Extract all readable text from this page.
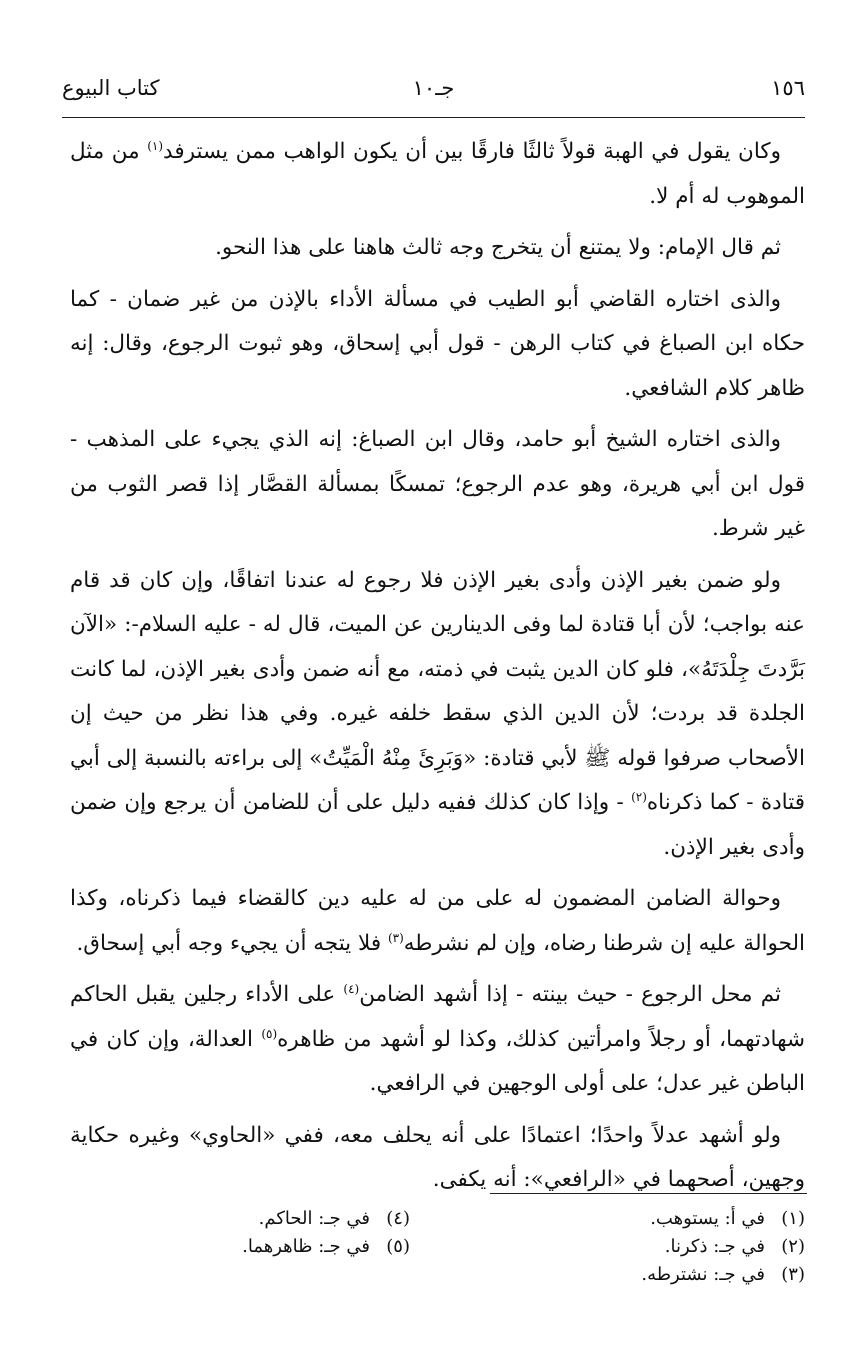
١٥٦
جـ١٠
كتاب البيوع

وكان يقول في الهبة قولاً ثالثًا فارقًا بين أن يكون الواهب ممن يسترفد$^{(١)}$ من مثل الموهوب له أم لا.

ثم قال الإمام: ولا يمتنع أن يتخرج وجه ثالث هاهنا على هذا النحو.

والذى اختاره القاضي أبو الطيب في مسألة الأداء بالإذن من غير ضمان - كما حكاه ابن الصباغ في كتاب الرهن - قول أبي إسحاق، وهو ثبوت الرجوع، وقال: إنه ظاهر كلام الشافعي.

والذى اختاره الشيخ أبو حامد، وقال ابن الصباغ: إنه الذي يجيء على المذهب - قول ابن أبي هريرة، وهو عدم الرجوع؛ تمسكًا بمسألة القصَّار إذا قصر الثوب من غير شرط.

ولو ضمن بغير الإذن وأدى بغير الإذن فلا رجوع له عندنا اتفاقًا، وإن كان قد قام عنه بواجب؛ لأن أبا قتادة لما وفى الدينارين عن الميت، قال له - عليه السلام-: «الآن بَرَّدتَ جِلْدَتَهُ»، فلو كان الدين يثبت في ذمته، مع أنه ضمن وأدى بغير الإذن، لما كانت الجلدة قد بردت؛ لأن الدين الذي سقط خلفه غيره. وفي هذا نظر من حيث إن الأصحاب صرفوا قوله ﷺ لأبي قتادة: «وَبَرِئَ مِنْهُ الْمَيِّتُ» إلى براءته بالنسبة إلى أبي قتادة - كما ذكرناه$^{(٢)}$ - وإذا كان كذلك ففيه دليل على أن للضامن أن يرجع وإن ضمن وأدى بغير الإذن.

وحوالة الضامن المضمون له على من له عليه دين كالقضاء فيما ذكرناه، وكذا الحوالة عليه إن شرطنا رضاه، وإن لم نشرطه$^{(٣)}$ فلا يتجه أن يجيء وجه أبي إسحاق.

ثم محل الرجوع - حيث بينته - إذا أشهد الضامن$^{(٤)}$ على الأداء رجلين يقبل الحاكم شهادتهما، أو رجلاً وامرأتين كذلك، وكذا لو أشهد من ظاهره$^{(٥)}$ العدالة، وإن كان في الباطن غير عدل؛ على أولى الوجهين في الرافعي.

ولو أشهد عدلاً واحدًا؛ اعتمادًا على أنه يحلف معه، ففي «الحاوي» وغيره حكاية وجهين، أصحهما في «الرافعي»: أنه يكفى.

(١)في أ: يستوهب.
(٢)في جـ: ذكرنا.
(٣)في جـ: نشترطه.
(٤)في جـ: الحاكم.
(٥)في جـ: ظاهرهما.
